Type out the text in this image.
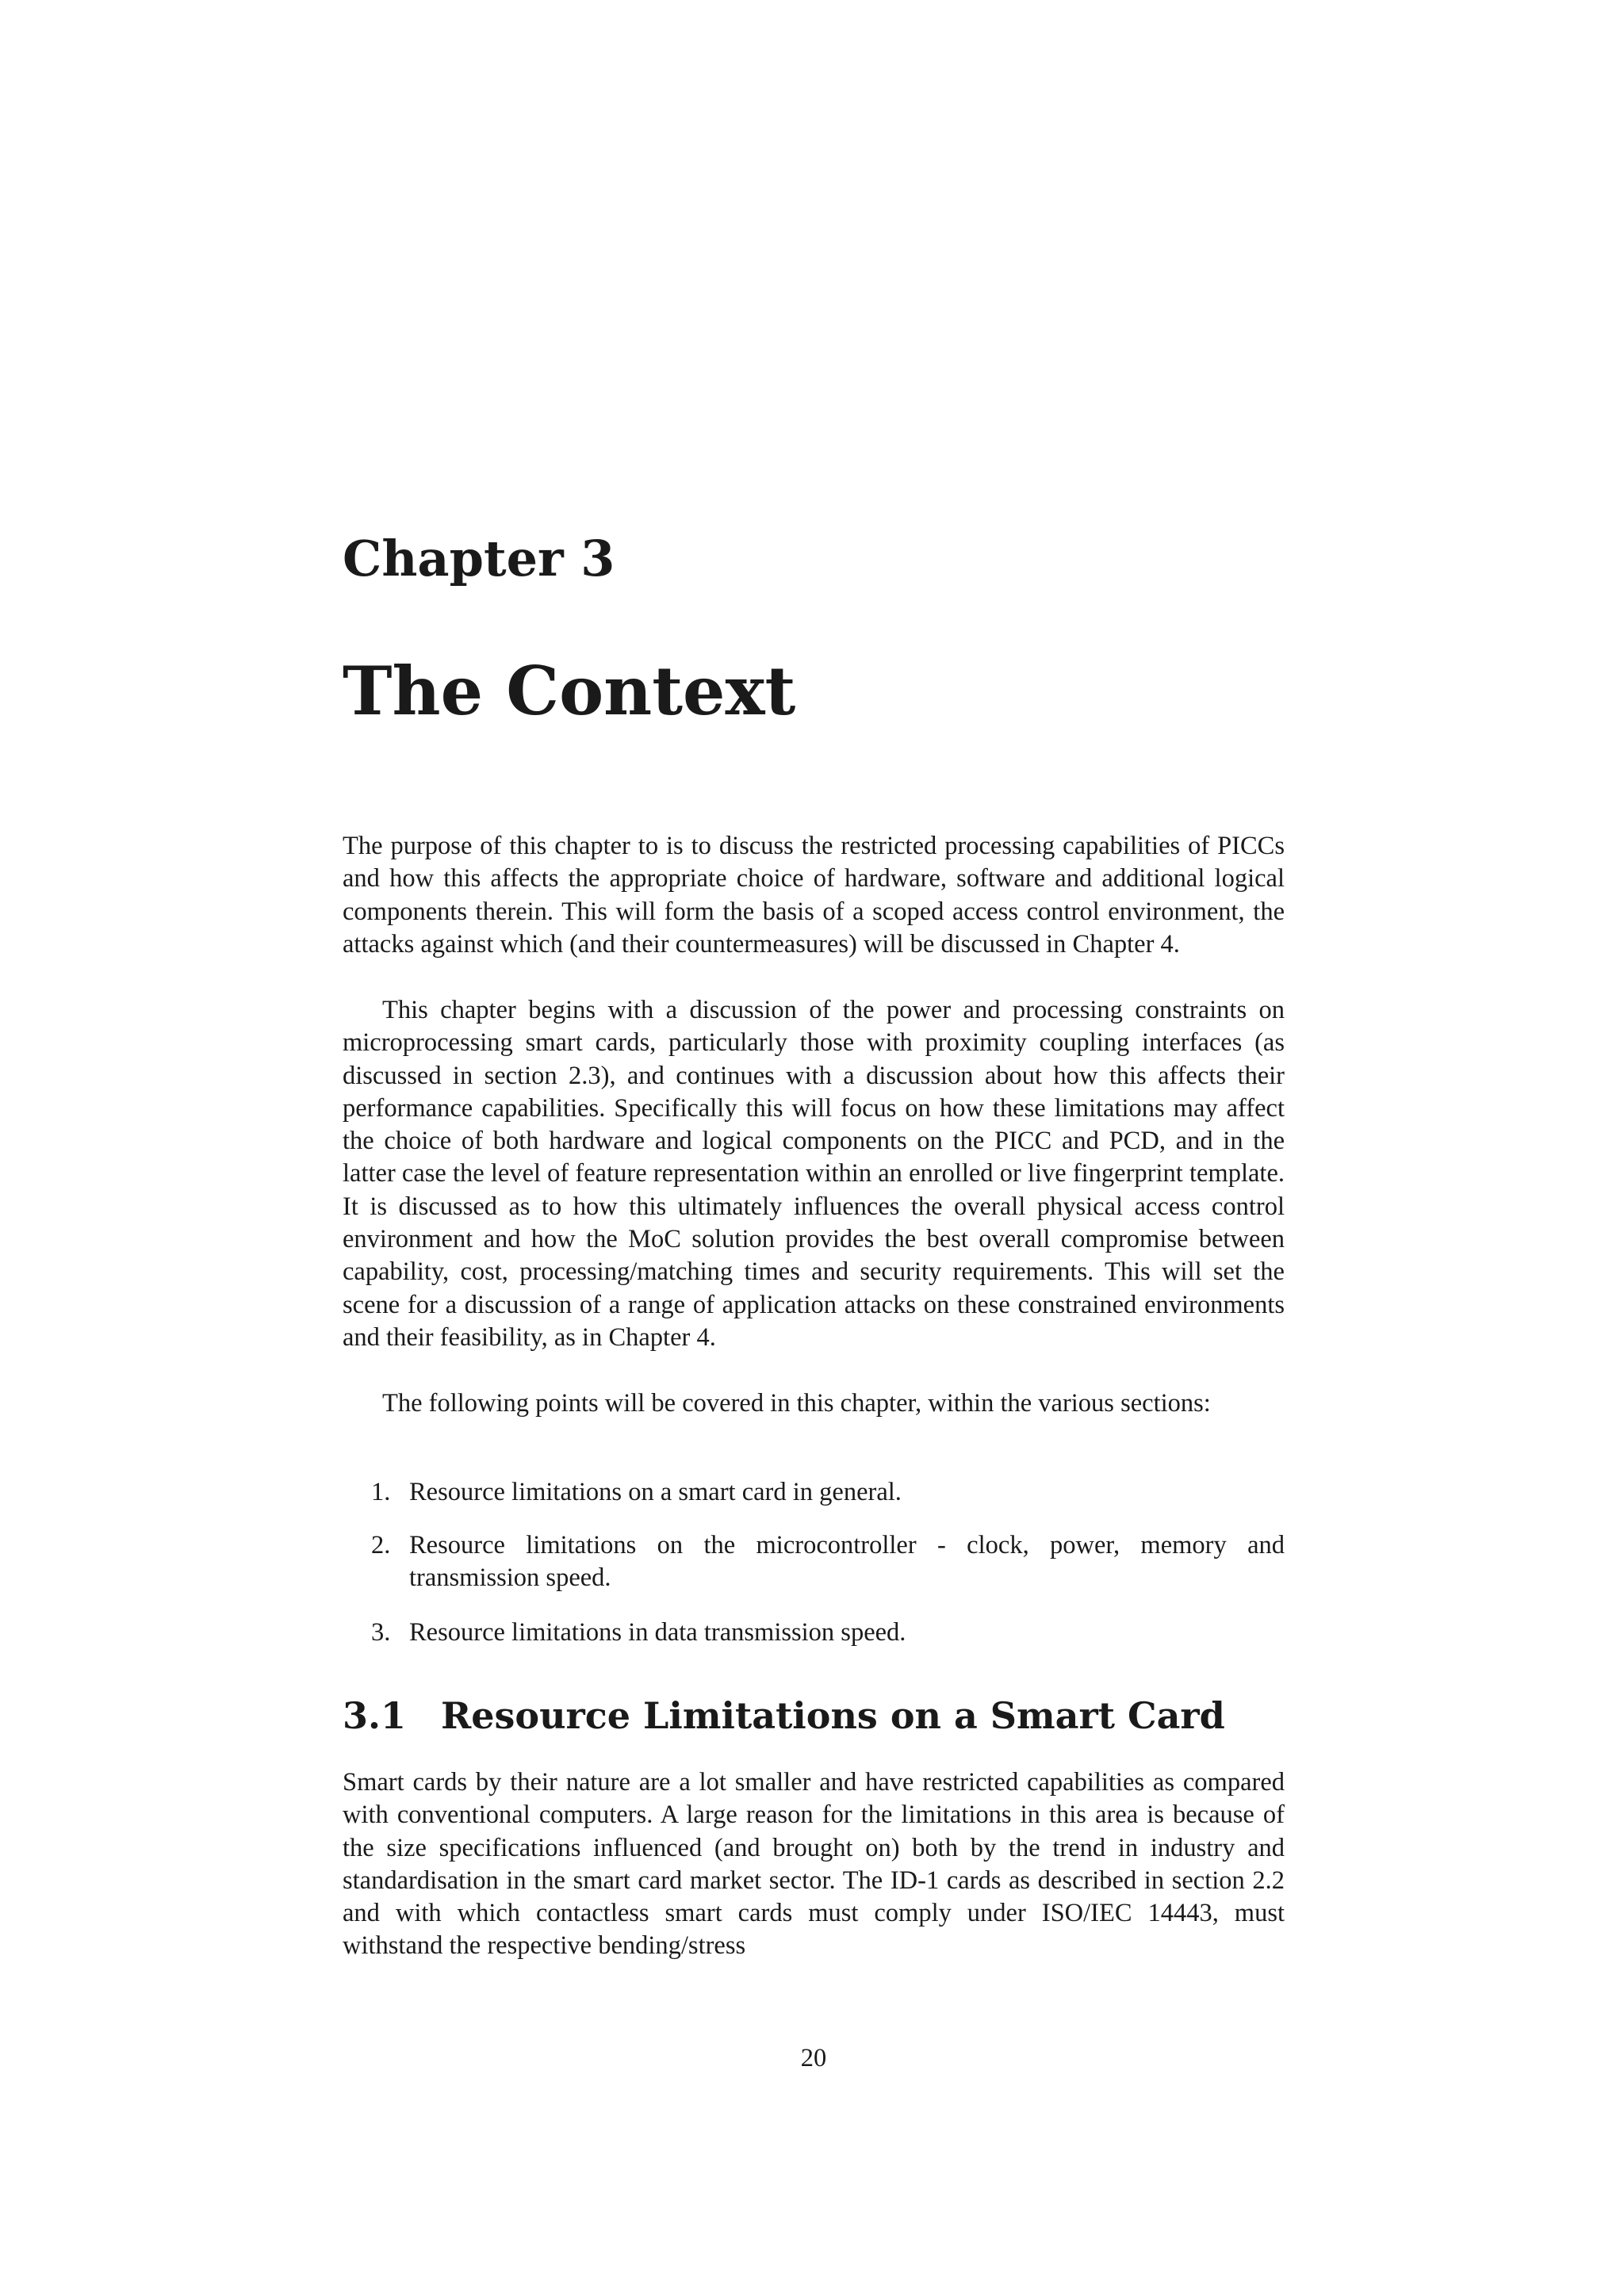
Chapter 3
The Context

The purpose of this chapter to is to discuss the restricted processing capabilities of PICCs and how this affects the appropriate choice of hardware, software and additional logical components therein. This will form the basis of a scoped access control environment, the attacks against which (and their countermeasures) will be discussed in Chapter 4.

This chapter begins with a discussion of the power and processing constraints on microprocessing smart cards, particularly those with proximity coupling interfaces (as discussed in section 2.3), and continues with a discussion about how this affects their performance capabilities. Specifically this will focus on how these limitations may affect the choice of both hardware and logical components on the PICC and PCD, and in the latter case the level of feature representation within an enrolled or live fingerprint template. It is discussed as to how this ultimately influences the overall physical access control environment and how the MoC solution provides the best overall compromise between capability, cost, processing/matching times and security requirements. This will set the scene for a discussion of a range of application attacks on these constrained environments and their feasibility, as in Chapter 4.

The following points will be covered in this chapter, within the various sections:

1. Resource limitations on a smart card in general.
2. Resource limitations on the microcontroller - clock, power, memory and transmission speed.
3. Resource limitations in data transmission speed.
3.1 Resource Limitations on a Smart Card

Smart cards by their nature are a lot smaller and have restricted capabilities as compared with conventional computers. A large reason for the limitations in this area is because of the size specifications influenced (and brought on) both by the trend in industry and standardisation in the smart card market sector. The ID-1 cards as described in section 2.2 and with which contactless smart cards must comply under ISO/IEC 14443, must withstand the respective bending/stress

20
